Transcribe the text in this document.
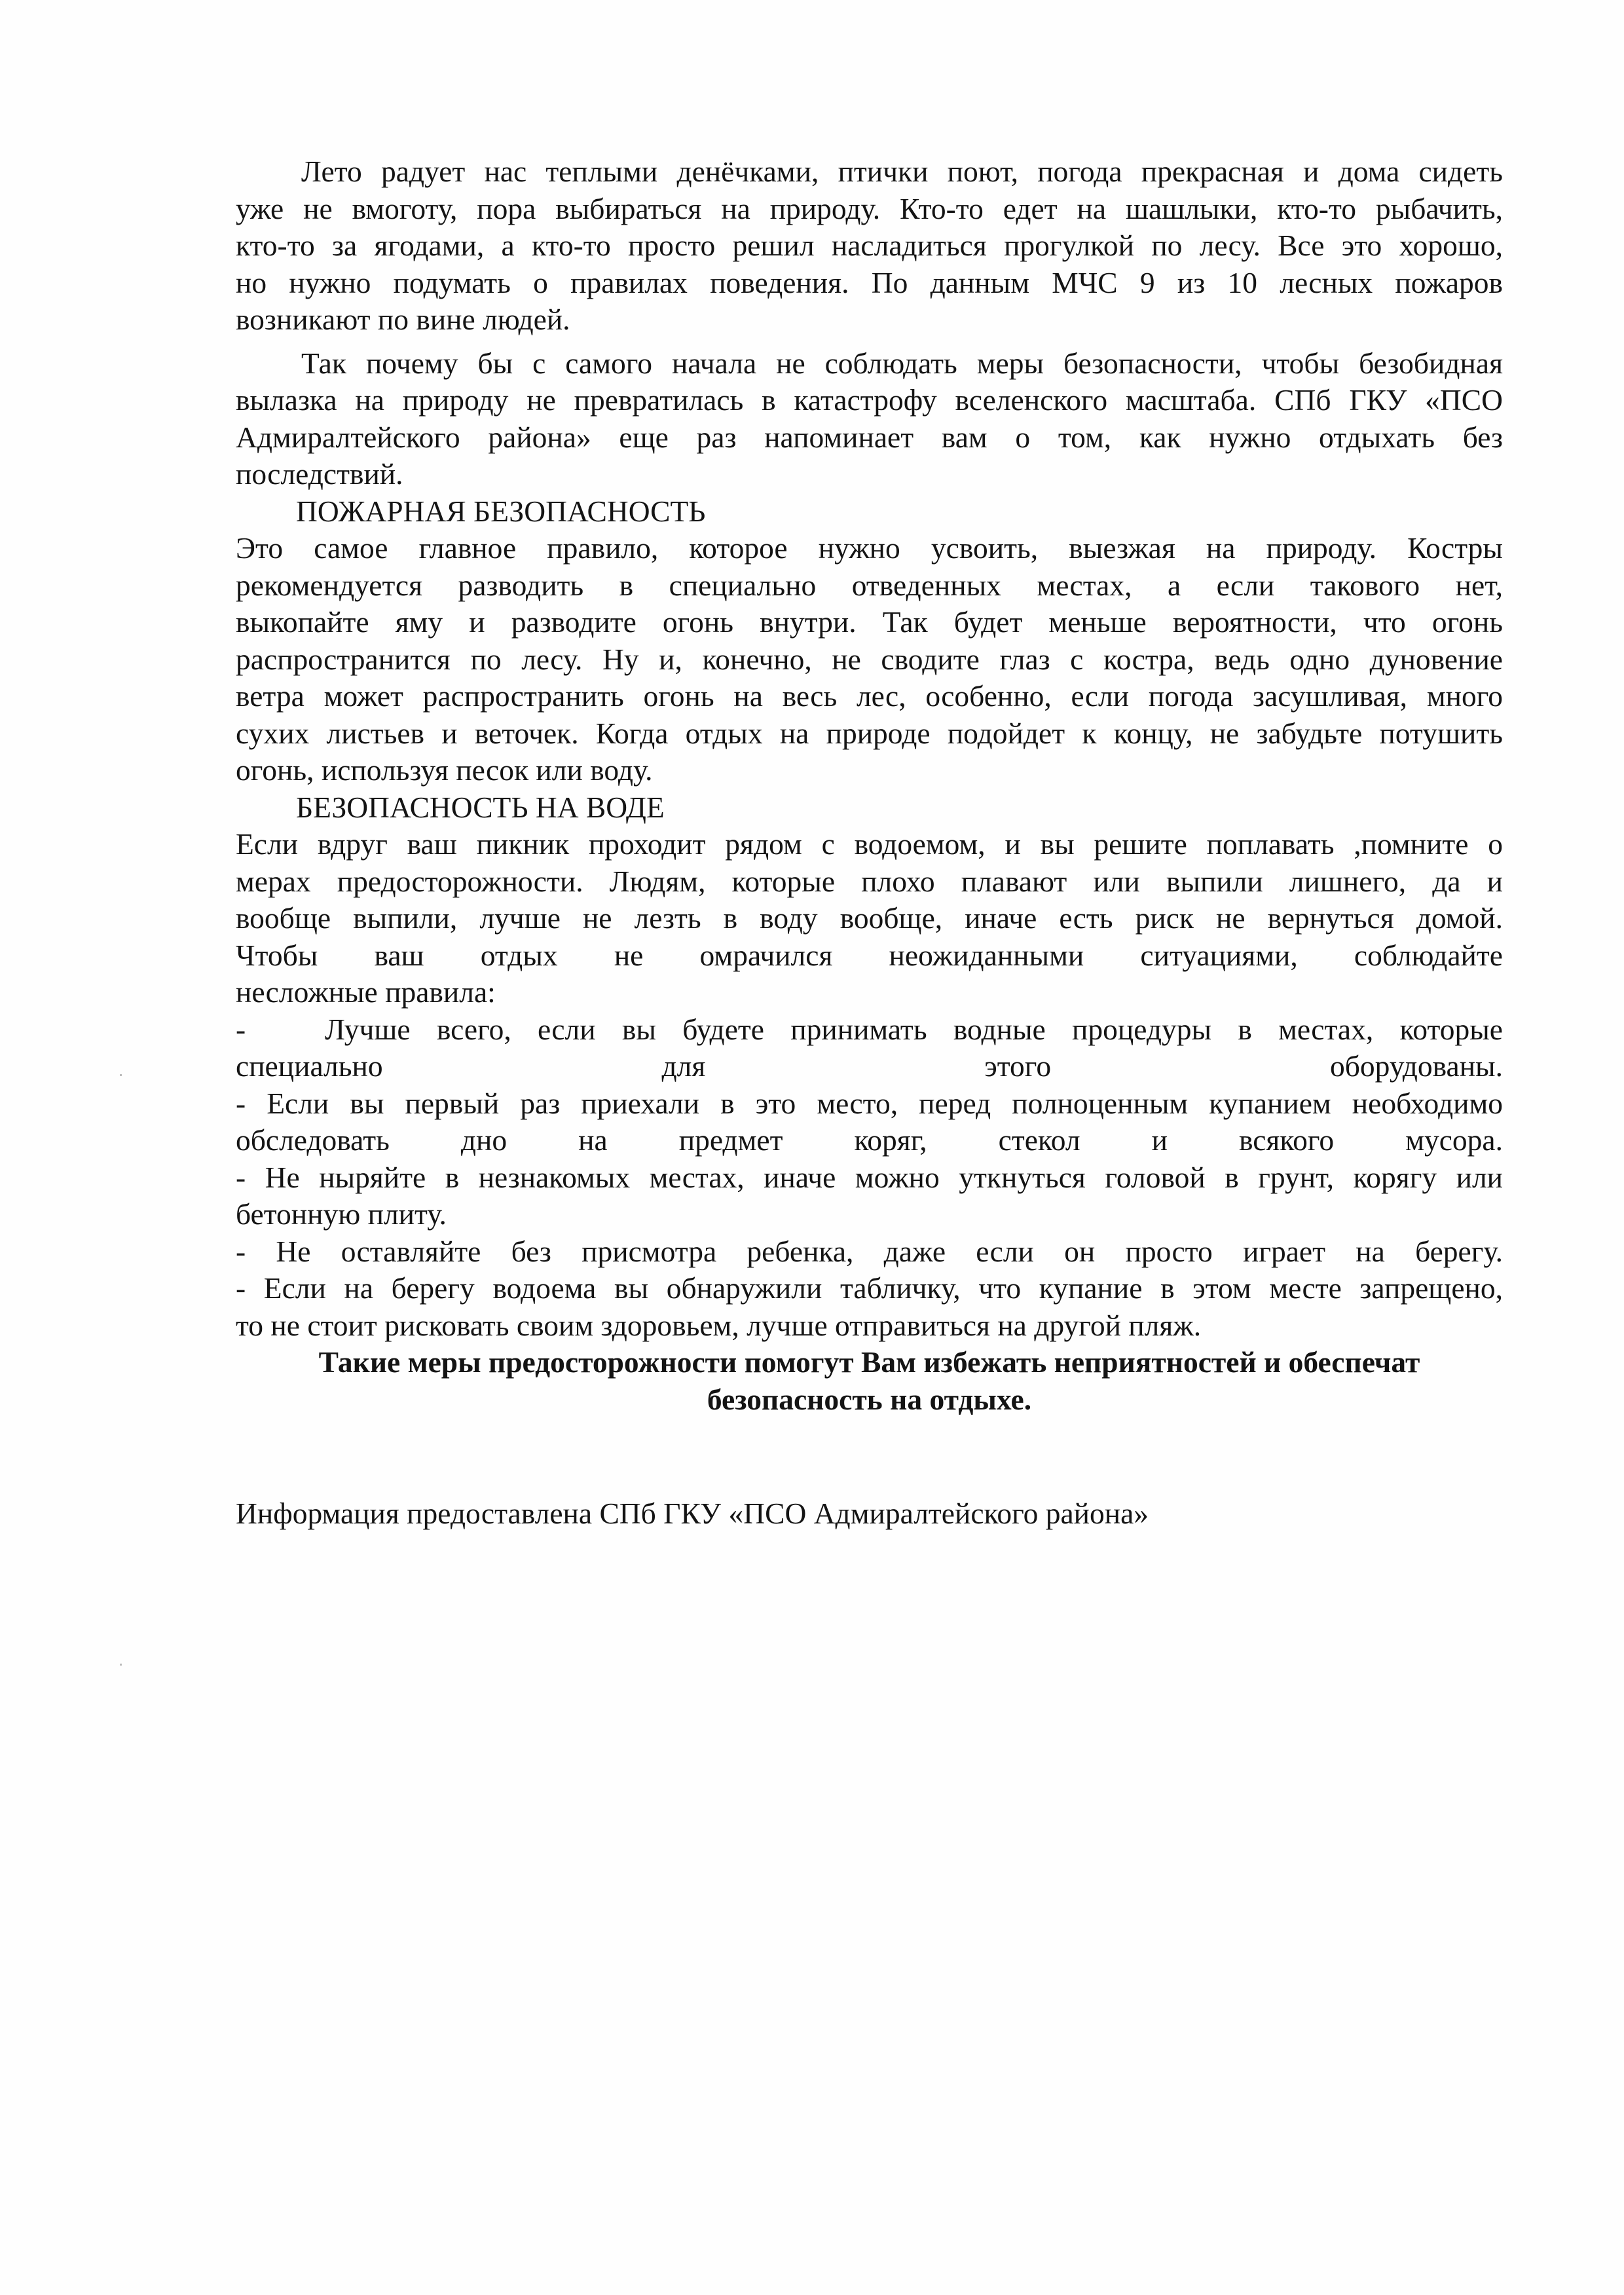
Лето радует нас теплыми денёчками, птички поют, погода прекрасная и дома сидеть

уже не вмоготу, пора выбираться на природу. Кто-то едет на шашлыки, кто-то рыбачить,

кто-то за ягодами, а кто-то просто решил насладиться прогулкой по лесу. Все это хорошо,

но нужно подумать о правилах поведения. По данным МЧС 9 из 10 лесных пожаров

возникают по вине людей.

Так почему бы с самого начала не соблюдать меры безопасности, чтобы безобидная

вылазка на природу не превратилась в катастрофу вселенского масштаба. СПб ГКУ «ПСО

Адмиралтейского района» еще раз напоминает вам о том, как нужно отдыхать без

последствий.

ПОЖАРНАЯ БЕЗОПАСНОСТЬ

Это самое главное правило, которое нужно усвоить, выезжая на природу. Костры

рекомендуется разводить в специально отведенных местах, а если такового нет,

выкопайте яму и разводите огонь внутри. Так будет меньше вероятности, что огонь

распространится по лесу. Ну и, конечно, не сводите глаз с костра, ведь одно дуновение

ветра может распространить огонь на весь лес, особенно, если погода засушливая, много

сухих листьев и веточек. Когда отдых на природе подойдет к концу, не забудьте потушить

огонь, используя песок или воду.

БЕЗОПАСНОСТЬ НА ВОДЕ

Если вдруг ваш пикник проходит рядом с водоемом, и вы решите поплавать ,помните о

мерах предосторожности. Людям, которые плохо плавают или выпили лишнего, да и

вообще выпили, лучше не лезть в воду вообще, иначе есть риск не вернуться домой.

Чтобы ваш отдых не омрачился неожиданными ситуациями, соблюдайте

несложные правила:

-   Лучше всего, если вы будете принимать водные процедуры в местах, которые

специально для этого оборудованы.

- Если вы первый раз приехали в это место, перед полноценным купанием необходимо

обследовать дно на предмет коряг, стекол и всякого мусора.

- Не ныряйте в незнакомых местах, иначе можно уткнуться головой в грунт, корягу или

бетонную плиту.

- Не оставляйте без присмотра ребенка, даже если он просто играет на берегу.

- Если на берегу водоема вы обнаружили табличку, что купание в этом месте запрещено,

то не стоит рисковать своим здоровьем, лучше отправиться на другой пляж.

Такие меры предосторожности помогут Вам избежать неприятностей и обеспечат

безопасность на отдыхе.

Информация предоставлена СПб ГКУ «ПСО Адмиралтейского района»
